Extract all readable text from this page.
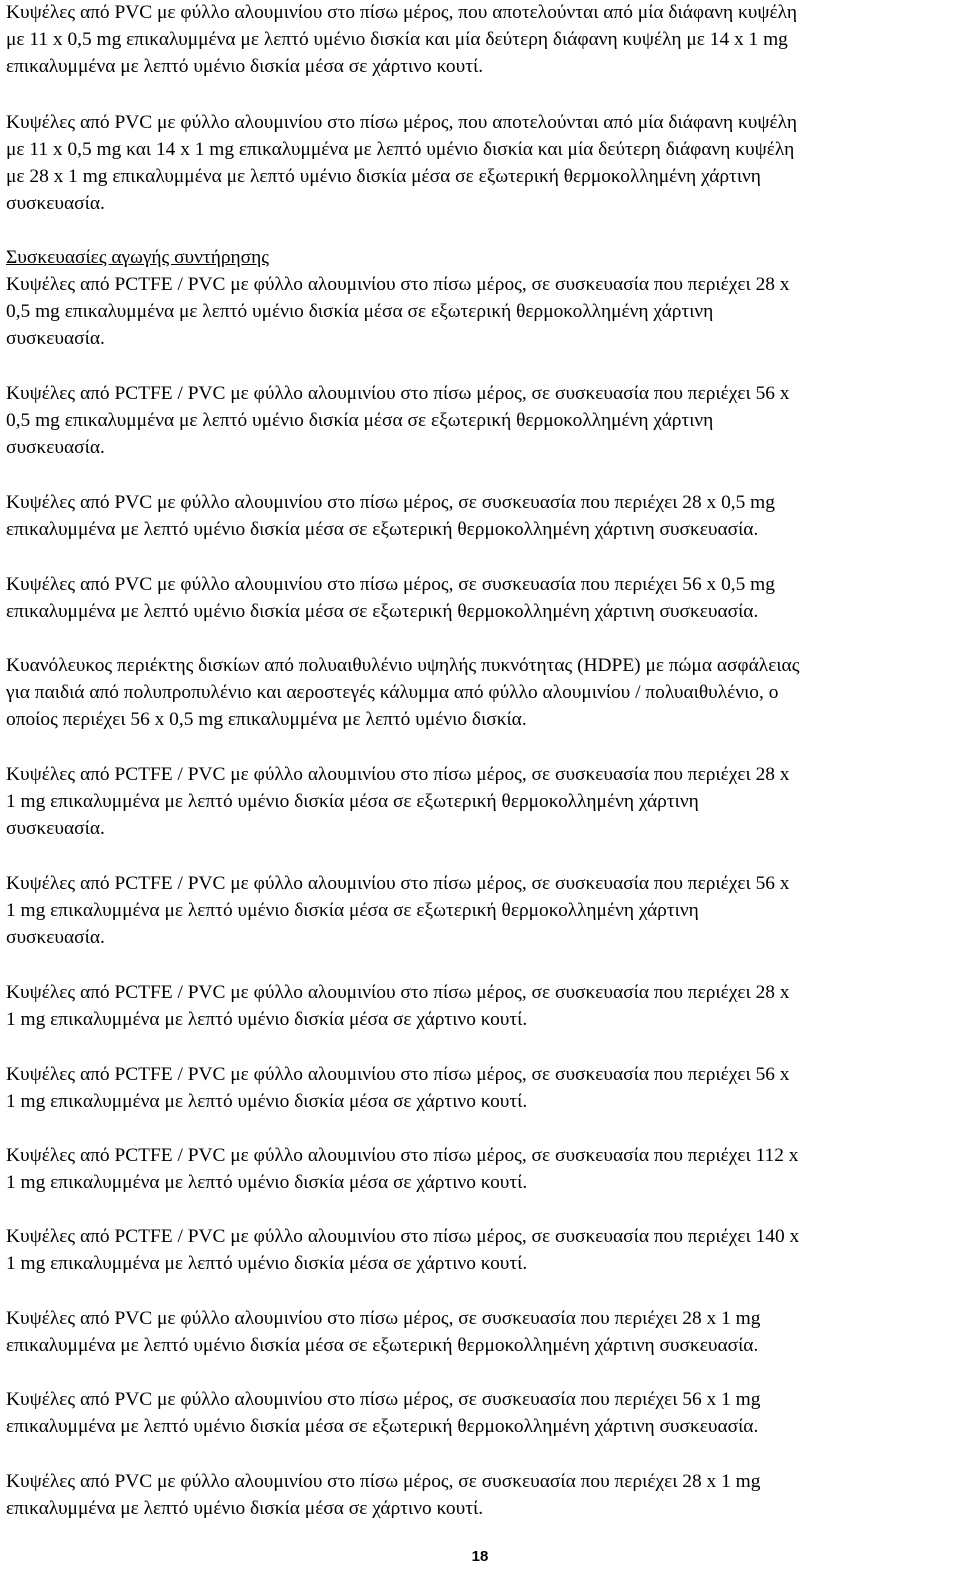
Κυψέλες από PVC με φύλλο αλουμινίου στο πίσω μέρος, που αποτελούνται από μία διάφανη κυψέλη
με 11 x 0,5 mg επικαλυμμένα με λεπτό υμένιο δισκία και μία δεύτερη διάφανη κυψέλη με 14 x 1 mg
επικαλυμμένα με λεπτό υμένιο δισκία μέσα σε χάρτινο κουτί.

Κυψέλες από PVC με φύλλο αλουμινίου στο πίσω μέρος, που αποτελούνται από μία διάφανη κυψέλη
με 11 x 0,5 mg και 14 x 1 mg επικαλυμμένα με λεπτό υμένιο δισκία και μία δεύτερη διάφανη κυψέλη
με 28 x 1 mg επικαλυμμένα με λεπτό υμένιο δισκία μέσα σε εξωτερική θερμοκολλημένη χάρτινη
συσκευασία.

Συσκευασίες αγωγής συντήρησης
Κυψέλες από PCTFE / PVC με φύλλο αλουμινίου στο πίσω μέρος, σε συσκευασία που περιέχει 28 x
0,5 mg επικαλυμμένα με λεπτό υμένιο δισκία μέσα σε εξωτερική θερμοκολλημένη χάρτινη
συσκευασία.

Κυψέλες από PCTFE / PVC με φύλλο αλουμινίου στο πίσω μέρος, σε συσκευασία που περιέχει 56 x
0,5 mg επικαλυμμένα με λεπτό υμένιο δισκία μέσα σε εξωτερική θερμοκολλημένη χάρτινη
συσκευασία.

Κυψέλες από PVC με φύλλο αλουμινίου στο πίσω μέρος, σε συσκευασία που περιέχει 28 x 0,5 mg
επικαλυμμένα με λεπτό υμένιο δισκία μέσα σε εξωτερική θερμοκολλημένη χάρτινη συσκευασία.

Κυψέλες από PVC με φύλλο αλουμινίου στο πίσω μέρος, σε συσκευασία που περιέχει 56 x 0,5 mg
επικαλυμμένα με λεπτό υμένιο δισκία μέσα σε εξωτερική θερμοκολλημένη χάρτινη συσκευασία.

Κυανόλευκος περιέκτης δισκίων από πολυαιθυλένιο υψηλής πυκνότητας (HDPE) με πώμα ασφάλειας
για παιδιά από πολυπροπυλένιο και αεροστεγές κάλυμμα από φύλλο αλουμινίου / πολυαιθυλένιο, ο
οποίος περιέχει 56 x 0,5 mg επικαλυμμένα με λεπτό υμένιο δισκία.

Κυψέλες από PCTFE / PVC με φύλλο αλουμινίου στο πίσω μέρος, σε συσκευασία που περιέχει 28 x
1 mg επικαλυμμένα με λεπτό υμένιο δισκία μέσα σε εξωτερική θερμοκολλημένη χάρτινη
συσκευασία.

Κυψέλες από PCTFE / PVC με φύλλο αλουμινίου στο πίσω μέρος, σε συσκευασία που περιέχει 56 x
1 mg επικαλυμμένα με λεπτό υμένιο δισκία μέσα σε εξωτερική θερμοκολλημένη χάρτινη
συσκευασία.

Κυψέλες από PCTFE / PVC με φύλλο αλουμινίου στο πίσω μέρος, σε συσκευασία που περιέχει 28 x
1 mg επικαλυμμένα με λεπτό υμένιο δισκία μέσα σε χάρτινο κουτί.

Κυψέλες από PCTFE / PVC με φύλλο αλουμινίου στο πίσω μέρος, σε συσκευασία που περιέχει 56 x
1 mg επικαλυμμένα με λεπτό υμένιο δισκία μέσα σε χάρτινο κουτί.

Κυψέλες από PCTFE / PVC με φύλλο αλουμινίου στο πίσω μέρος, σε συσκευασία που περιέχει 112 x
1 mg επικαλυμμένα με λεπτό υμένιο δισκία μέσα σε χάρτινο κουτί.

Κυψέλες από PCTFE / PVC με φύλλο αλουμινίου στο πίσω μέρος, σε συσκευασία που περιέχει 140 x
1 mg επικαλυμμένα με λεπτό υμένιο δισκία μέσα σε χάρτινο κουτί.

Κυψέλες από PVC με φύλλο αλουμινίου στο πίσω μέρος, σε συσκευασία που περιέχει 28 x 1 mg
επικαλυμμένα με λεπτό υμένιο δισκία μέσα σε εξωτερική θερμοκολλημένη χάρτινη συσκευασία.

Κυψέλες από PVC με φύλλο αλουμινίου στο πίσω μέρος, σε συσκευασία που περιέχει 56 x 1 mg
επικαλυμμένα με λεπτό υμένιο δισκία μέσα σε εξωτερική θερμοκολλημένη χάρτινη συσκευασία.

Κυψέλες από PVC με φύλλο αλουμινίου στο πίσω μέρος, σε συσκευασία που περιέχει 28 x 1 mg
επικαλυμμένα με λεπτό υμένιο δισκία μέσα σε χάρτινο κουτί.

18
